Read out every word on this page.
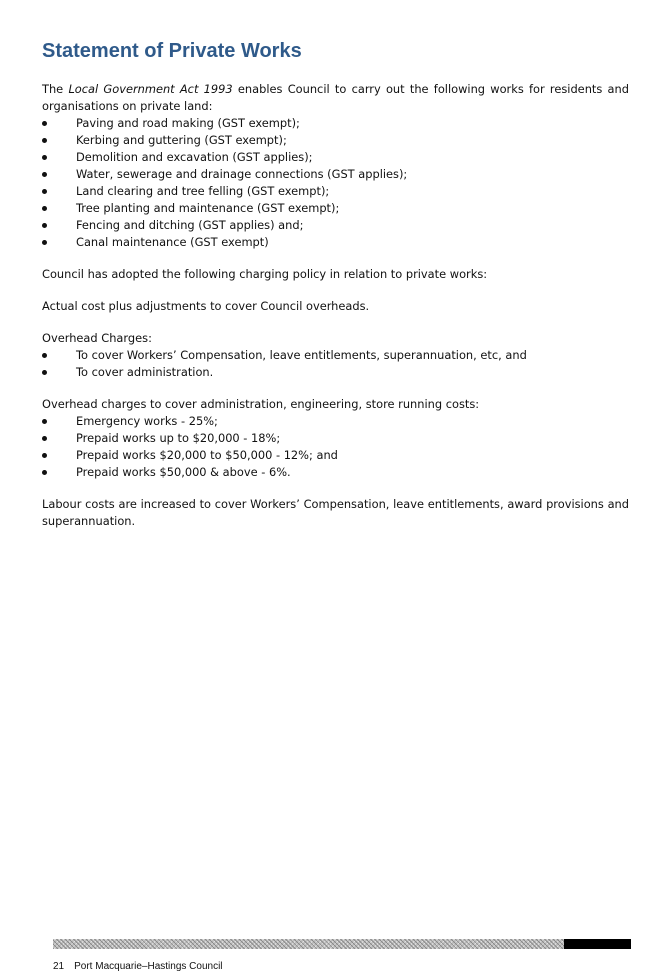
Statement of Private Works

The Local Government Act 1993 enables Council to carry out the following works for residents and organisations on private land:

Paving and road making (GST exempt);
Kerbing and guttering (GST exempt);
Demolition and excavation (GST applies);
Water, sewerage and drainage connections (GST applies);
Land clearing and tree felling (GST exempt);
Tree planting and maintenance (GST exempt);
Fencing and ditching (GST applies) and;
Canal maintenance (GST exempt)

Council has adopted the following charging policy in relation to private works:

Actual cost plus adjustments to cover Council overheads.

Overhead Charges:

To cover Workers’ Compensation, leave entitlements, superannuation, etc, and
To cover administration.

Overhead charges to cover administration, engineering, store running costs:

Emergency works - 25%;
Prepaid works up to $20,000 - 18%;
Prepaid works $20,000 to $50,000 - 12%; and
Prepaid works $50,000 & above - 6%.

Labour costs are increased to cover Workers’ Compensation, leave entitlements, award provisions and superannuation.

21 Port Macquarie–Hastings Council
